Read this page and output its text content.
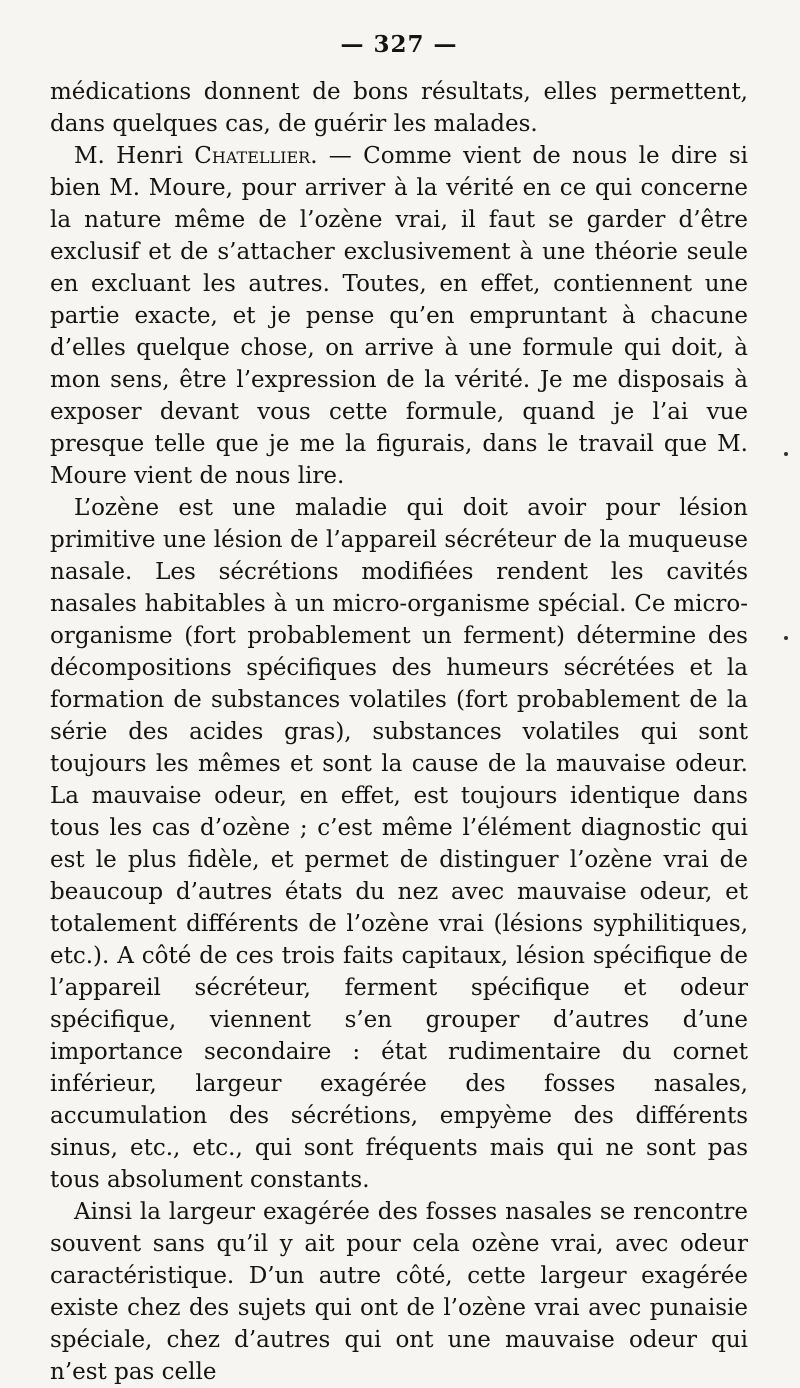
— 327 —

médications donnent de bons résultats, elles permettent, dans quelques cas, de guérir les malades.

M. Henri Chatellier. — Comme vient de nous le dire si bien M. Moure, pour arriver à la vérité en ce qui concerne la nature même de l’ozène vrai, il faut se garder d’être exclusif et de s’attacher exclusivement à une théorie seule en excluant les autres. Toutes, en effet, contiennent une partie exacte, et je pense qu’en empruntant à chacune d’elles quelque chose, on arrive à une formule qui doit, à mon sens, être l’expression de la vérité. Je me disposais à exposer devant vous cette formule, quand je l’ai vue presque telle que je me la figurais, dans le travail que M. Moure vient de nous lire.

L’ozène est une maladie qui doit avoir pour lésion primitive une lésion de l’appareil sécréteur de la muqueuse nasale. Les sécrétions modifiées rendent les cavités nasales habitables à un micro-organisme spécial. Ce micro-organisme (fort probablement un ferment) détermine des décompositions spécifiques des humeurs sécrétées et la formation de substances volatiles (fort probablement de la série des acides gras), substances volatiles qui sont toujours les mêmes et sont la cause de la mauvaise odeur. La mauvaise odeur, en effet, est toujours identique dans tous les cas d’ozène ; c’est même l’élément diagnostic qui est le plus fidèle, et permet de distinguer l’ozène vrai de beaucoup d’autres états du nez avec mauvaise odeur, et totalement différents de l’ozène vrai (lésions syphilitiques, etc.). A côté de ces trois faits capitaux, lésion spécifique de l’appareil sécréteur, ferment spécifique et odeur spécifique, viennent s’en grouper d’autres d’une importance secondaire : état rudimentaire du cornet inférieur, largeur exagérée des fosses nasales, accumulation des sécrétions, empyème des différents sinus, etc., etc., qui sont fréquents mais qui ne sont pas tous absolument constants.

Ainsi la largeur exagérée des fosses nasales se rencontre souvent sans qu’il y ait pour cela ozène vrai, avec odeur caractéristique. D’un autre côté, cette largeur exagérée existe chez des sujets qui ont de l’ozène vrai avec punaisie spéciale, chez d’autres qui ont une mauvaise odeur qui n’est pas celle
